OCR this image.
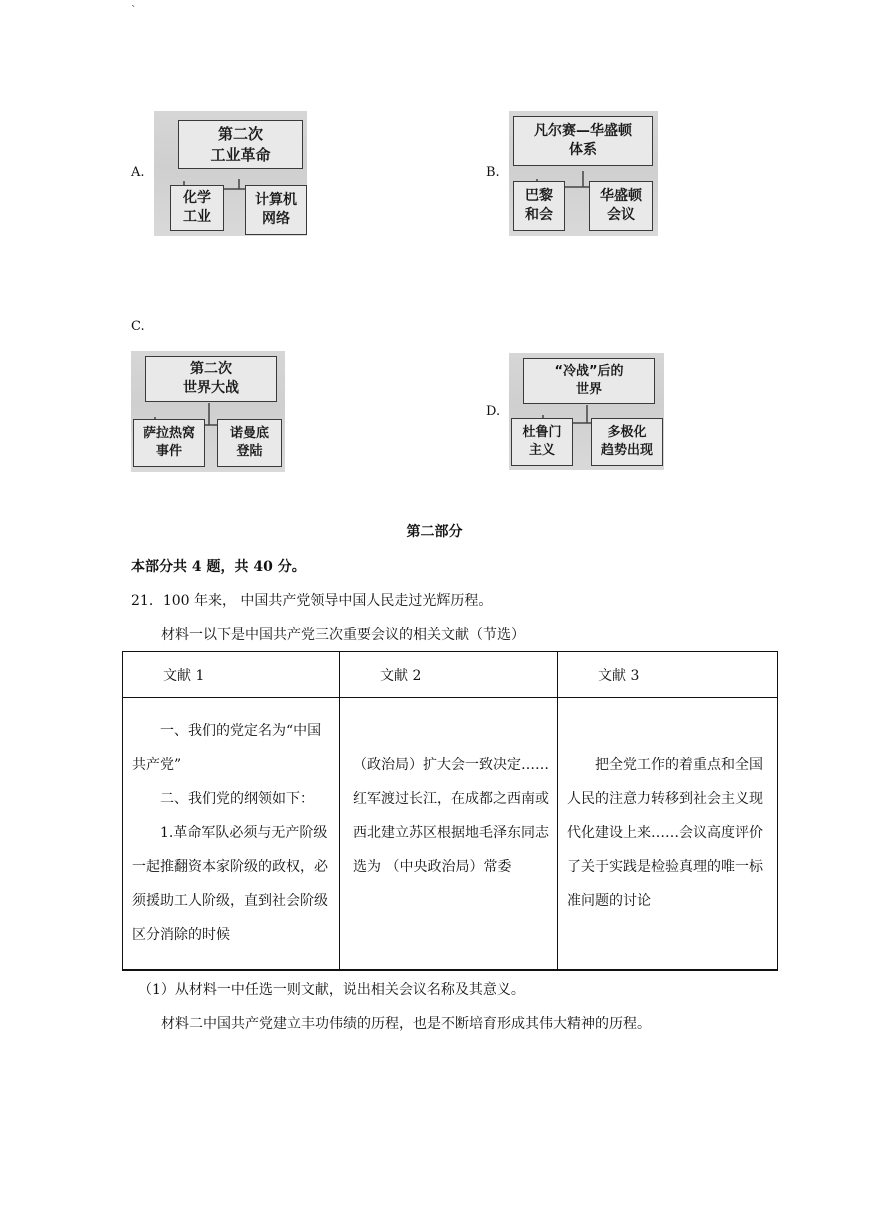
`
A.
第二次
工业革命
化学
工业
计算机
网络
B.
凡尔赛—华盛顿
体系
巴黎
和会
华盛顿
会议
C.
第二次
世界大战
萨拉热窝
事件
诺曼底
登陆
D.
“冷战”后的
世界
杜鲁门
主义
多极化
趋势出现
第二部分
本部分共 4 题，共 40 分。
21．100 年来， 中国共产党领导中国人民走过光辉历程。
材料一以下是中国共产党三次重要会议的相关文献（节选）
文献 1	文献 2	文献 3

一、我们的党定名为“中国共产党”

二、我们党的纲领如下：

1.革命军队必须与无产阶级一起推翻资本家阶级的政权，必须援助工人阶级，直到社会阶级区分消除的时候	（政治局）扩大会一致决定……红军渡过长江，在成都之西南或西北建立苏区根据地毛泽东同志选为 （中央政治局）常委	把全党工作的着重点和全国人民的注意力转移到社会主义现代化建设上来……会议高度评价了关于实践是检验真理的唯一标准问题的讨论

（1）从材料一中任选一则文献，说出相关会议名称及其意义。
材料二中国共产党建立丰功伟绩的历程，也是不断培育形成其伟大精神的历程。
